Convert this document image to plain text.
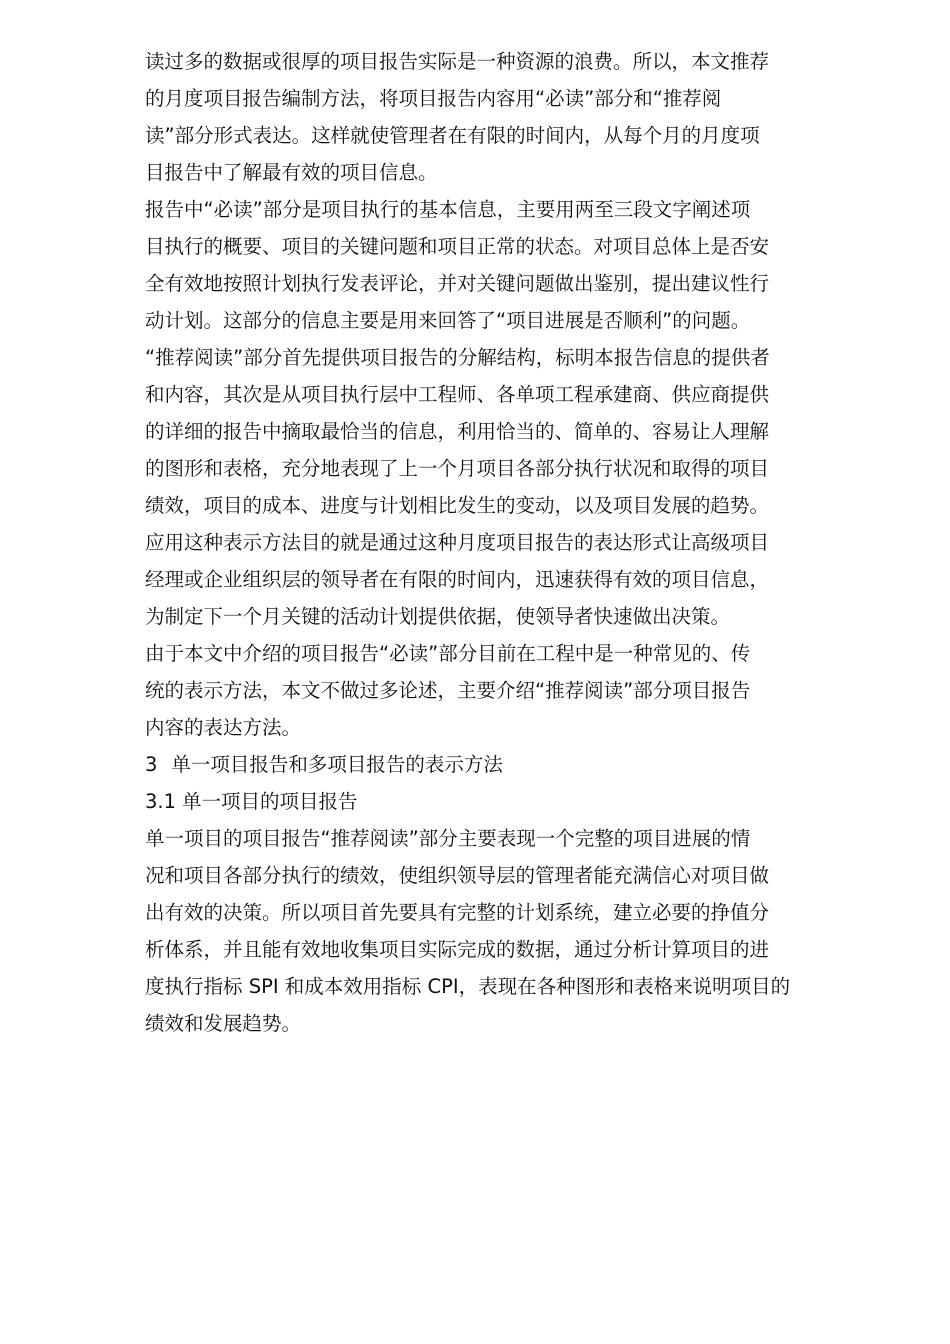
读过多的数据或很厚的项目报告实际是一种资源的浪费。所以，本文推荐
的月度项目报告编制方法，将项目报告内容用“必读”部分和“推荐阅
读”部分形式表达。这样就使管理者在有限的时间内，从每个月的月度项
目报告中了解最有效的项目信息。
报告中“必读”部分是项目执行的基本信息，主要用两至三段文字阐述项
目执行的概要、项目的关键问题和项目正常的状态。对项目总体上是否安
全有效地按照计划执行发表评论，并对关键问题做出鉴别，提出建议性行
动计划。这部分的信息主要是用来回答了“项目进展是否顺利”的问题。
“推荐阅读”部分首先提供项目报告的分解结构，标明本报告信息的提供者
和内容，其次是从项目执行层中工程师、各单项工程承建商、供应商提供
的详细的报告中摘取最恰当的信息，利用恰当的、简单的、容易让人理解
的图形和表格，充分地表现了上一个月项目各部分执行状况和取得的项目
绩效，项目的成本、进度与计划相比发生的变动，以及项目发展的趋势。
应用这种表示方法目的就是通过这种月度项目报告的表达形式让高级项目
经理或企业组织层的领导者在有限的时间内，迅速获得有效的项目信息，
为制定下一个月关键的活动计划提供依据，使领导者快速做出决策。
由于本文中介绍的项目报告“必读”部分目前在工程中是一种常见的、传
统的表示方法，本文不做过多论述，主要介绍“推荐阅读”部分项目报告
内容的表达方法。
3 单一项目报告和多项目报告的表示方法
3.1 单一项目的项目报告
单一项目的项目报告“推荐阅读”部分主要表现一个完整的项目进展的情
况和项目各部分执行的绩效，使组织领导层的管理者能充满信心对项目做
出有效的决策。所以项目首先要具有完整的计划系统，建立必要的挣值分
析体系，并且能有效地收集项目实际完成的数据，通过分析计算项目的进
度执行指标 SPI 和成本效用指标 CPI，表现在各种图形和表格来说明项目的
绩效和发展趋势。
